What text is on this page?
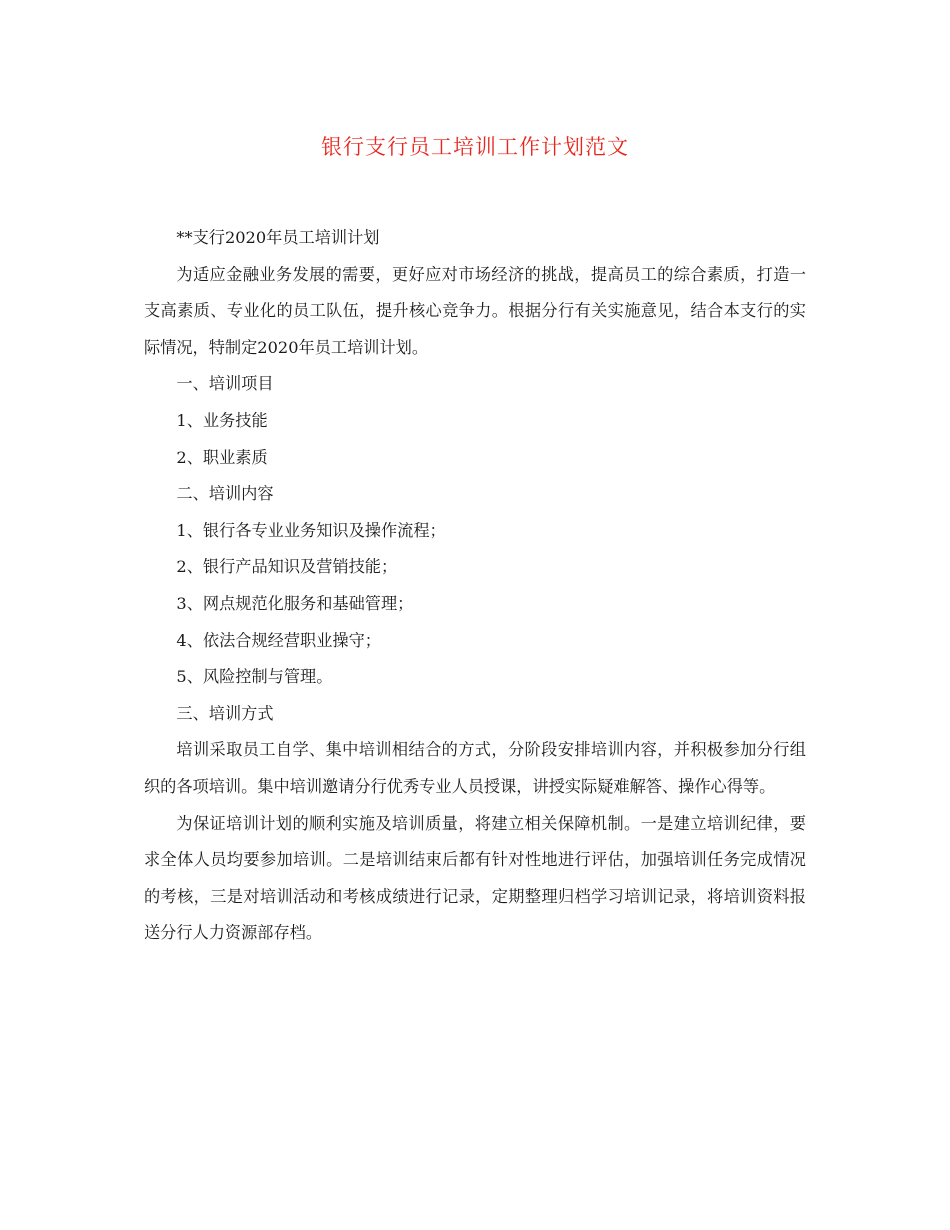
银行支行员工培训工作计划范文

**支行2020年员工培训计划

为适应金融业务发展的需要，更好应对市场经济的挑战，提高员工的综合素质，打造一支高素质、专业化的员工队伍，提升核心竞争力。根据分行有关实施意见，结合本支行的实际情况，特制定2020年员工培训计划。

一、培训项目

1、业务技能

2、职业素质

二、培训内容

1、银行各专业业务知识及操作流程；

2、银行产品知识及营销技能；

3、网点规范化服务和基础管理；

4、依法合规经营职业操守；

5、风险控制与管理。

三、培训方式

培训采取员工自学、集中培训相结合的方式，分阶段安排培训内容，并积极参加分行组织的各项培训。集中培训邀请分行优秀专业人员授课，讲授实际疑难解答、操作心得等。

为保证培训计划的顺利实施及培训质量，将建立相关保障机制。一是建立培训纪律，要求全体人员均要参加培训。二是培训结束后都有针对性地进行评估，加强培训任务完成情况的考核，三是对培训活动和考核成绩进行记录，定期整理归档学习培训记录，将培训资料报送分行人力资源部存档。
